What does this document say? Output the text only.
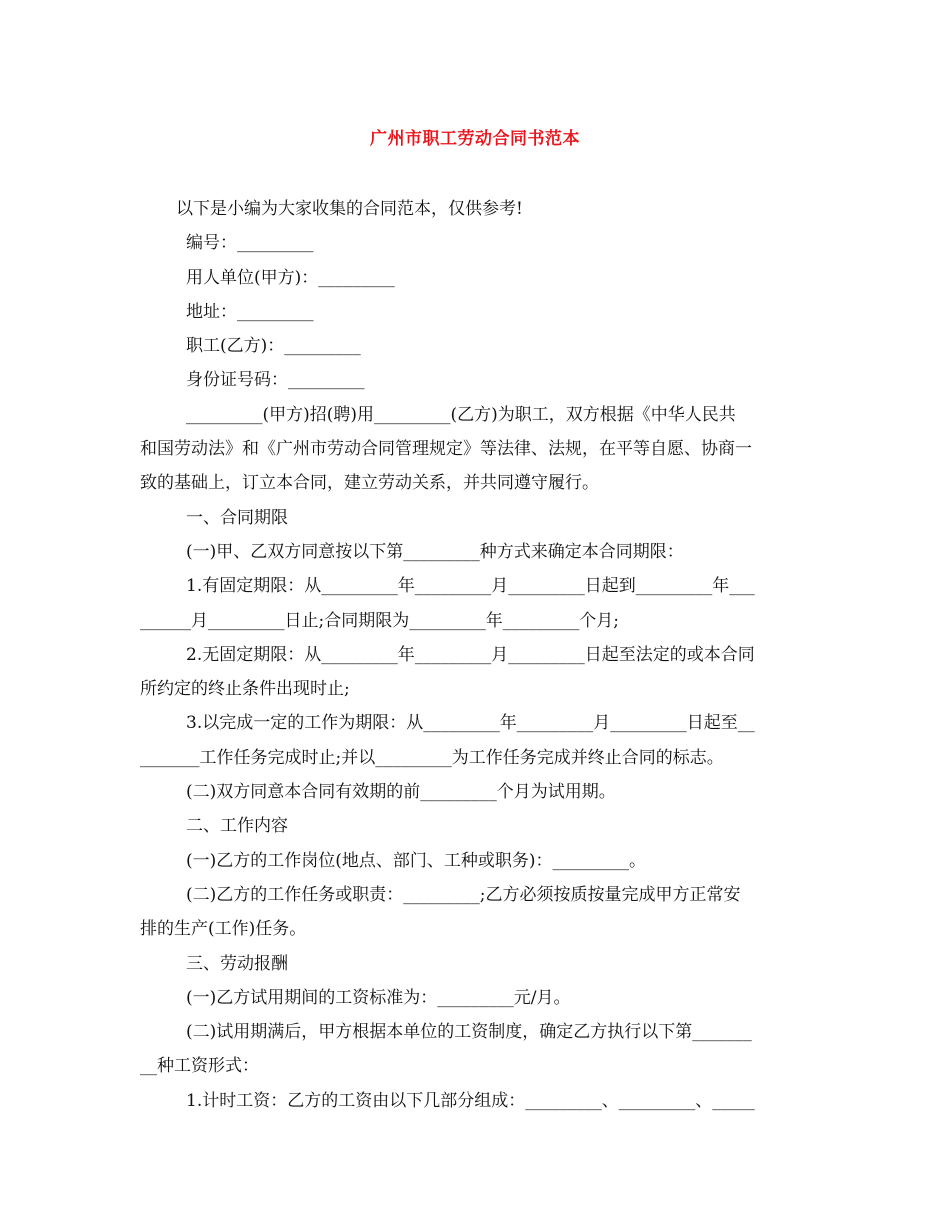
广州市职工劳动合同书范本

以下是小编为大家收集的合同范本，仅供参考!

编号：_________

用人单位(甲方)：_________

地址：_________

职工(乙方)：_________

身份证号码：_________

_________(甲方)招(聘)用_________(乙方)为职工，双方根据《中华人民共

和国劳动法》和《广州市劳动合同管理规定》等法律、法规，在平等自愿、协商一

致的基础上，订立本合同，建立劳动关系，并共同遵守履行。

一、合同期限

(一)甲、乙双方同意按以下第_________种方式来确定本合同期限：

1.有固定期限：从_________年_________月_________日起到_________年___

______月_________日止;合同期限为_________年_________个月;

2.无固定期限：从_________年_________月_________日起至法定的或本合同

所约定的终止条件出现时止;

3.以完成一定的工作为期限：从_________年_________月_________日起至__

_______工作任务完成时止;并以_________为工作任务完成并终止合同的标志。

(二)双方同意本合同有效期的前_________个月为试用期。

二、工作内容

(一)乙方的工作岗位(地点、部门、工种或职务)：_________。

(二)乙方的工作任务或职责：_________;乙方必须按质按量完成甲方正常安

排的生产(工作)任务。

三、劳动报酬

(一)乙方试用期间的工资标准为：_________元/月。

(二)试用期满后，甲方根据本单位的工资制度，确定乙方执行以下第_______

__种工资形式：

1.计时工资：乙方的工资由以下几部分组成：_________、_________、_____
